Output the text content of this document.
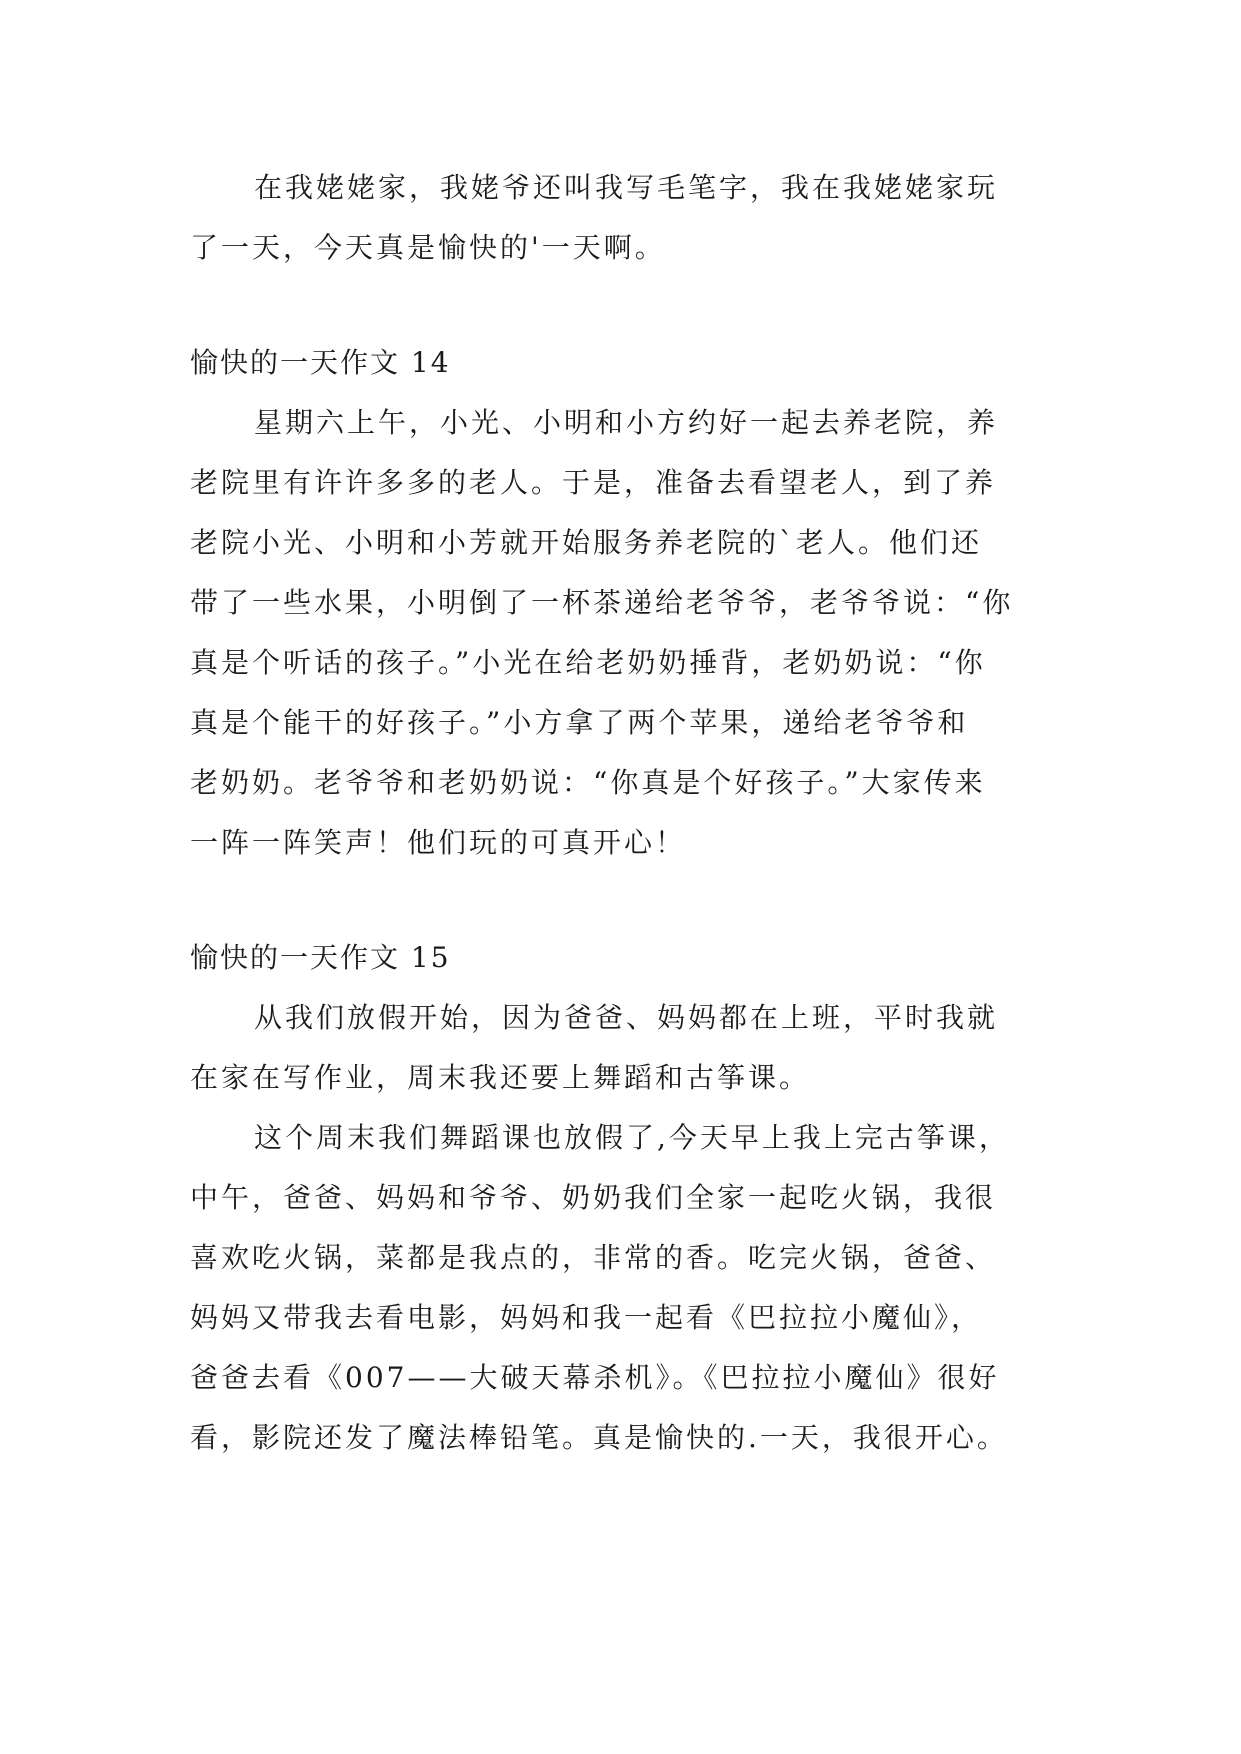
在我姥姥家，我姥爷还叫我写毛笔字，我在我姥姥家玩
了一天，今天真是愉快的'一天啊。
愉快的一天作文 14
星期六上午，小光、小明和小方约好一起去养老院，养
老院里有许许多多的老人。于是，准备去看望老人，到了养
老院小光、小明和小芳就开始服务养老院的`老人。他们还
带了一些水果，小明倒了一杯茶递给老爷爷，老爷爷说：“你
真是个听话的孩子。”小光在给老奶奶捶背，老奶奶说：“你
真是个能干的好孩子。”小方拿了两个苹果，递给老爷爷和
老奶奶。老爷爷和老奶奶说：“你真是个好孩子。”大家传来
一阵一阵笑声！他们玩的可真开心！
愉快的一天作文 15
从我们放假开始，因为爸爸、妈妈都在上班，平时我就
在家在写作业，周末我还要上舞蹈和古筝课。
这个周末我们舞蹈课也放假了,今天早上我上完古筝课，
中午，爸爸、妈妈和爷爷、奶奶我们全家一起吃火锅，我很
喜欢吃火锅，菜都是我点的，非常的香。吃完火锅，爸爸、
妈妈又带我去看电影，妈妈和我一起看《巴拉拉小魔仙》，
爸爸去看《007——大破天幕杀机》。《巴拉拉小魔仙》很好
看，影院还发了魔法棒铅笔。真是愉快的.一天，我很开心。
